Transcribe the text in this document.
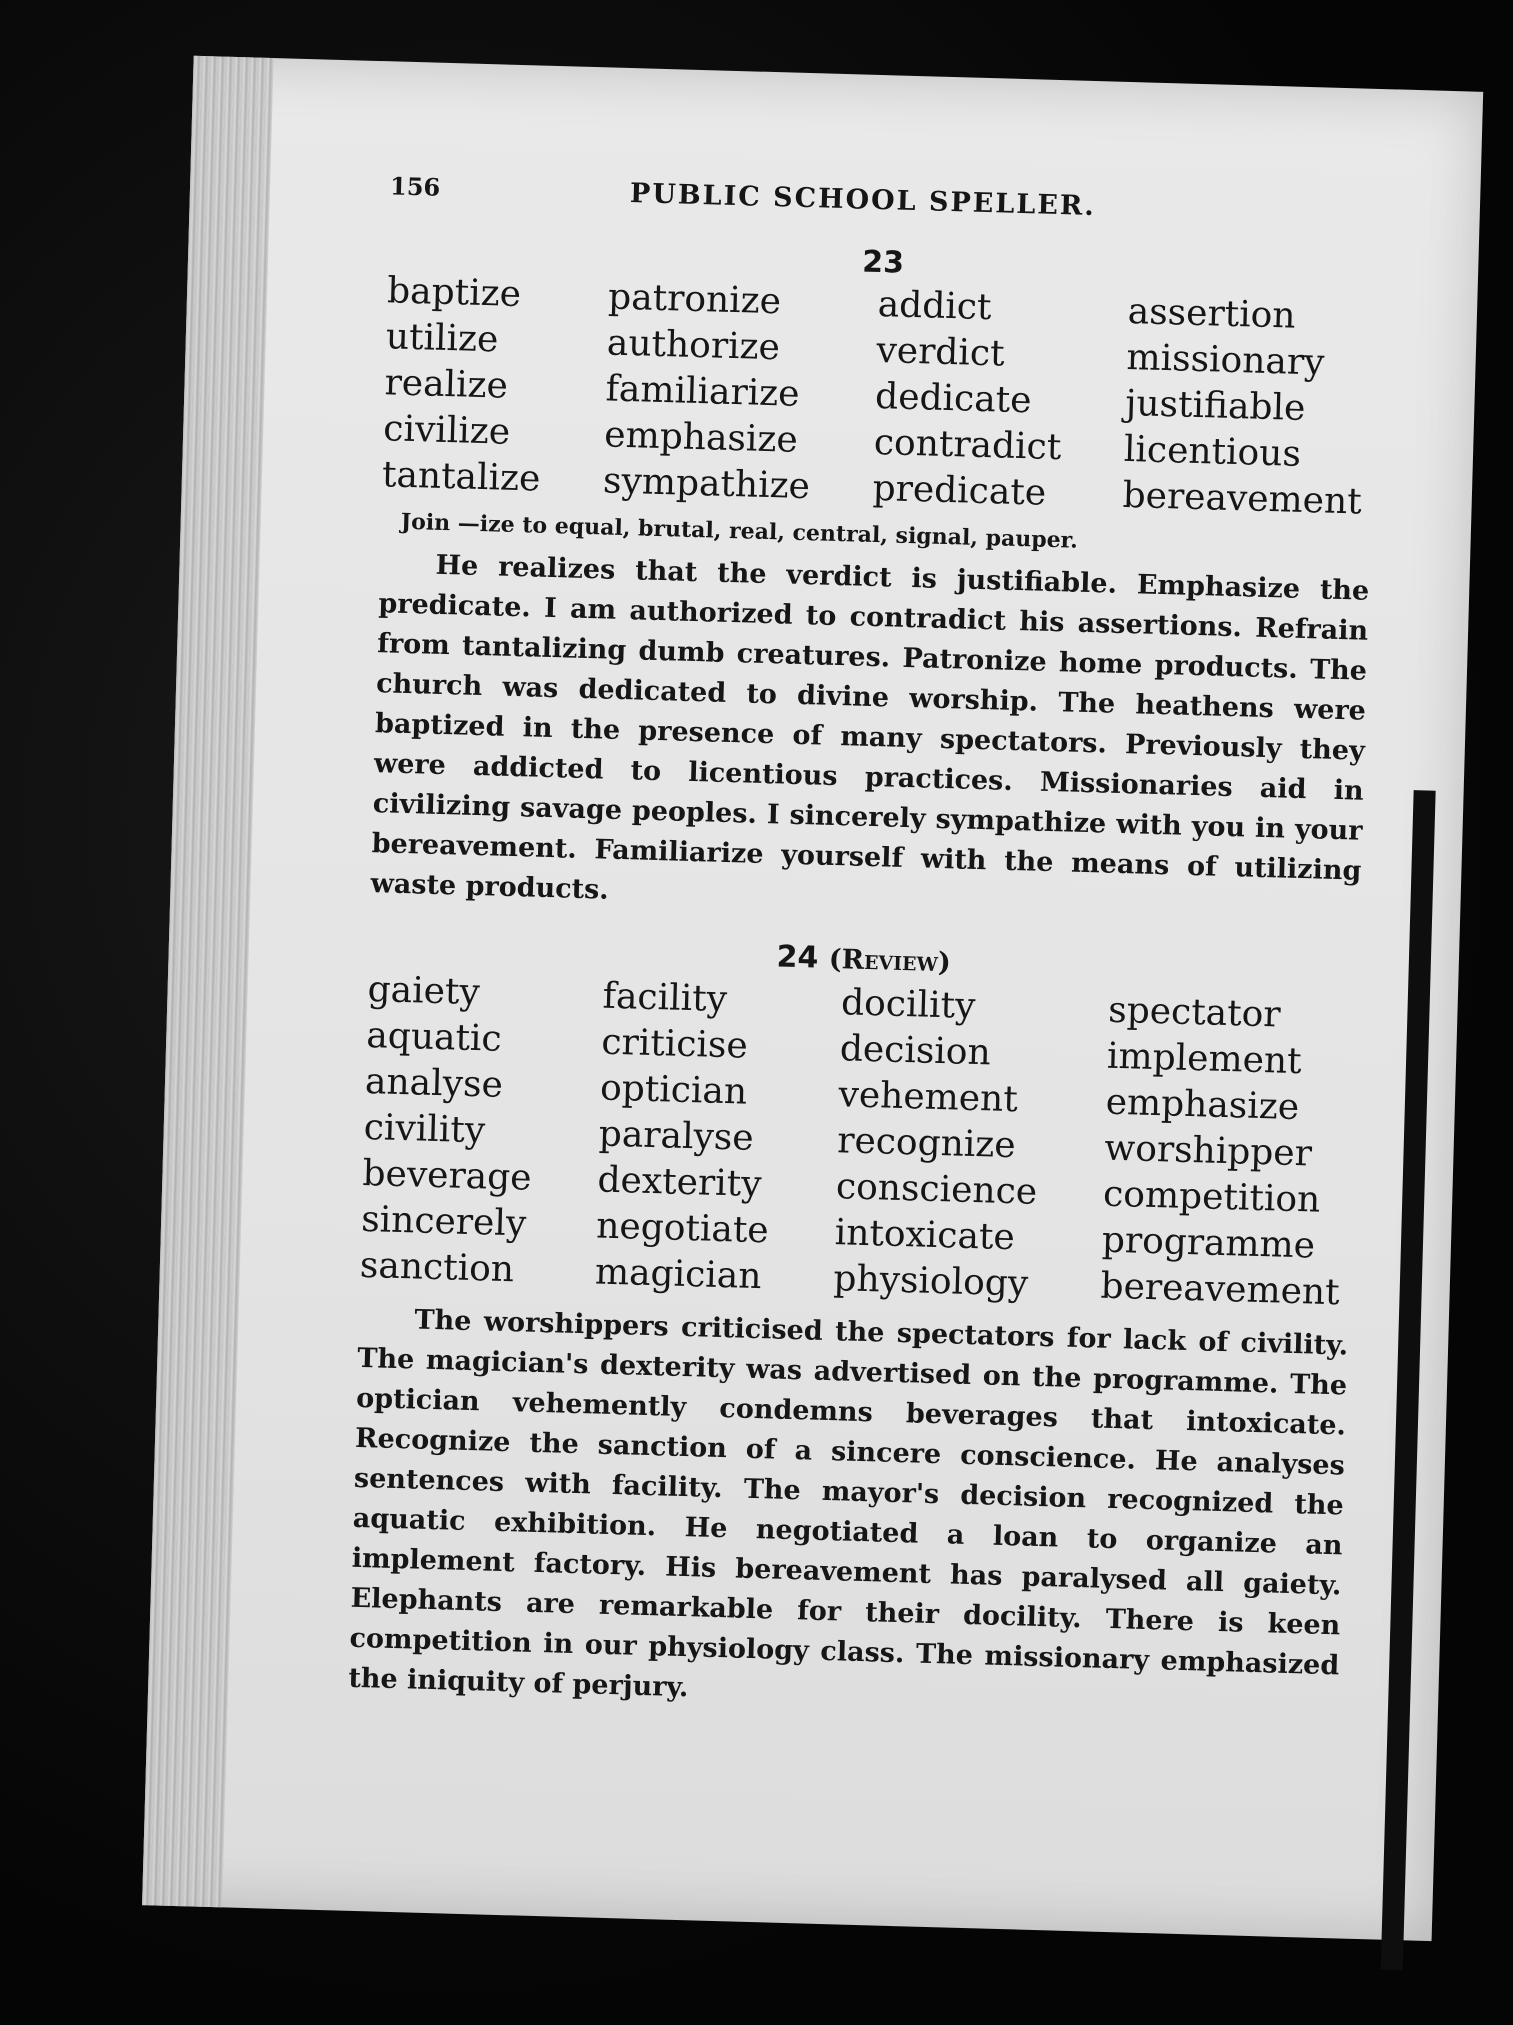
156	PUBLIC SCHOOL SPELLER.
23
baptize
utilize
realize
civilize
tantalize
patronize
authorize
familiarize
emphasize
sympathize
addict
verdict
dedicate
contradict
predicate
assertion
missionary
justifiable
licentious
bereavement
Join —ize to equal, brutal, real, central, signal, pauper.

He realizes that the verdict is justifiable. Emphasize the predicate. I am authorized to contradict his assertions. Refrain from tantalizing dumb creatures. Patronize home products. The church was dedicated to divine worship. The heathens were baptized in the presence of many spectators. Previously they were addicted to licentious practices. Missionaries aid in civilizing savage peoples. I sincerely sympathize with you in your bereavement. Familiarize yourself with the means of utilizing waste products.

24 (Review)
gaiety
aquatic
analyse
civility
beverage
sincerely
sanction
facility
criticise
optician
paralyse
dexterity
negotiate
magician
docility
decision
vehement
recognize
conscience
intoxicate
physiology
spectator
implement
emphasize
worshipper
competition
programme
bereavement

The worshippers criticised the spectators for lack of civility. The magician's dexterity was advertised on the programme. The optician vehemently condemns beverages that intoxicate. Recognize the sanction of a sincere conscience. He analyses sentences with facility. The mayor's decision recognized the aquatic exhibition. He negotiated a loan to organize an implement factory. His bereavement has paralysed all gaiety. Elephants are remarkable for their docility. There is keen competition in our physiology class. The missionary emphasized the iniquity of perjury.
